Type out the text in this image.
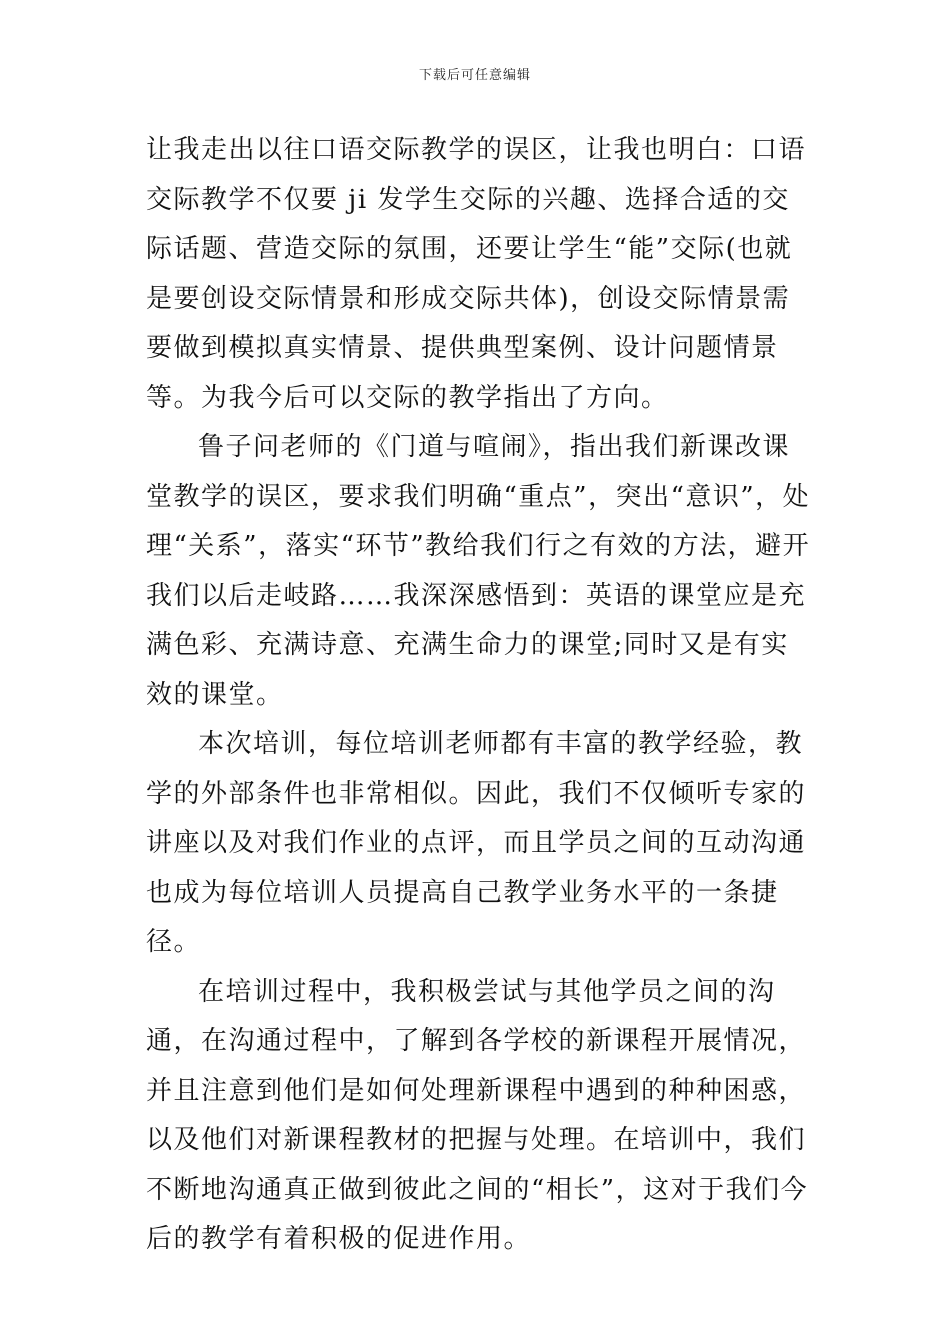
下载后可任意编辑

让我走出以往口语交际教学的误区，让我也明白：口语交际教学不仅要 ji 发学生交际的兴趣、选择合适的交际话题、营造交际的氛围，还要让学生“能”交际(也就是要创设交际情景和形成交际共体)，创设交际情景需要做到模拟真实情景、提供典型案例、设计问题情景等。为我今后可以交际的教学指出了方向。

鲁子问老师的《门道与喧闹》，指出我们新课改课堂教学的误区，要求我们明确“重点”，突出“意识”，处理“关系”，落实“环节”教给我们行之有效的方法，避开我们以后走岐路……我深深感悟到：英语的课堂应是充满色彩、充满诗意、充满生命力的课堂;同时又是有实效的课堂。

本次培训，每位培训老师都有丰富的教学经验，教学的外部条件也非常相似。因此，我们不仅倾听专家的讲座以及对我们作业的点评，而且学员之间的互动沟通也成为每位培训人员提高自己教学业务水平的一条捷径。

在培训过程中，我积极尝试与其他学员之间的沟通，在沟通过程中，了解到各学校的新课程开展情况，并且注意到他们是如何处理新课程中遇到的种种困惑，以及他们对新课程教材的把握与处理。在培训中，我们不断地沟通真正做到彼此之间的“相长”，这对于我们今后的教学有着积极的促进作用。
